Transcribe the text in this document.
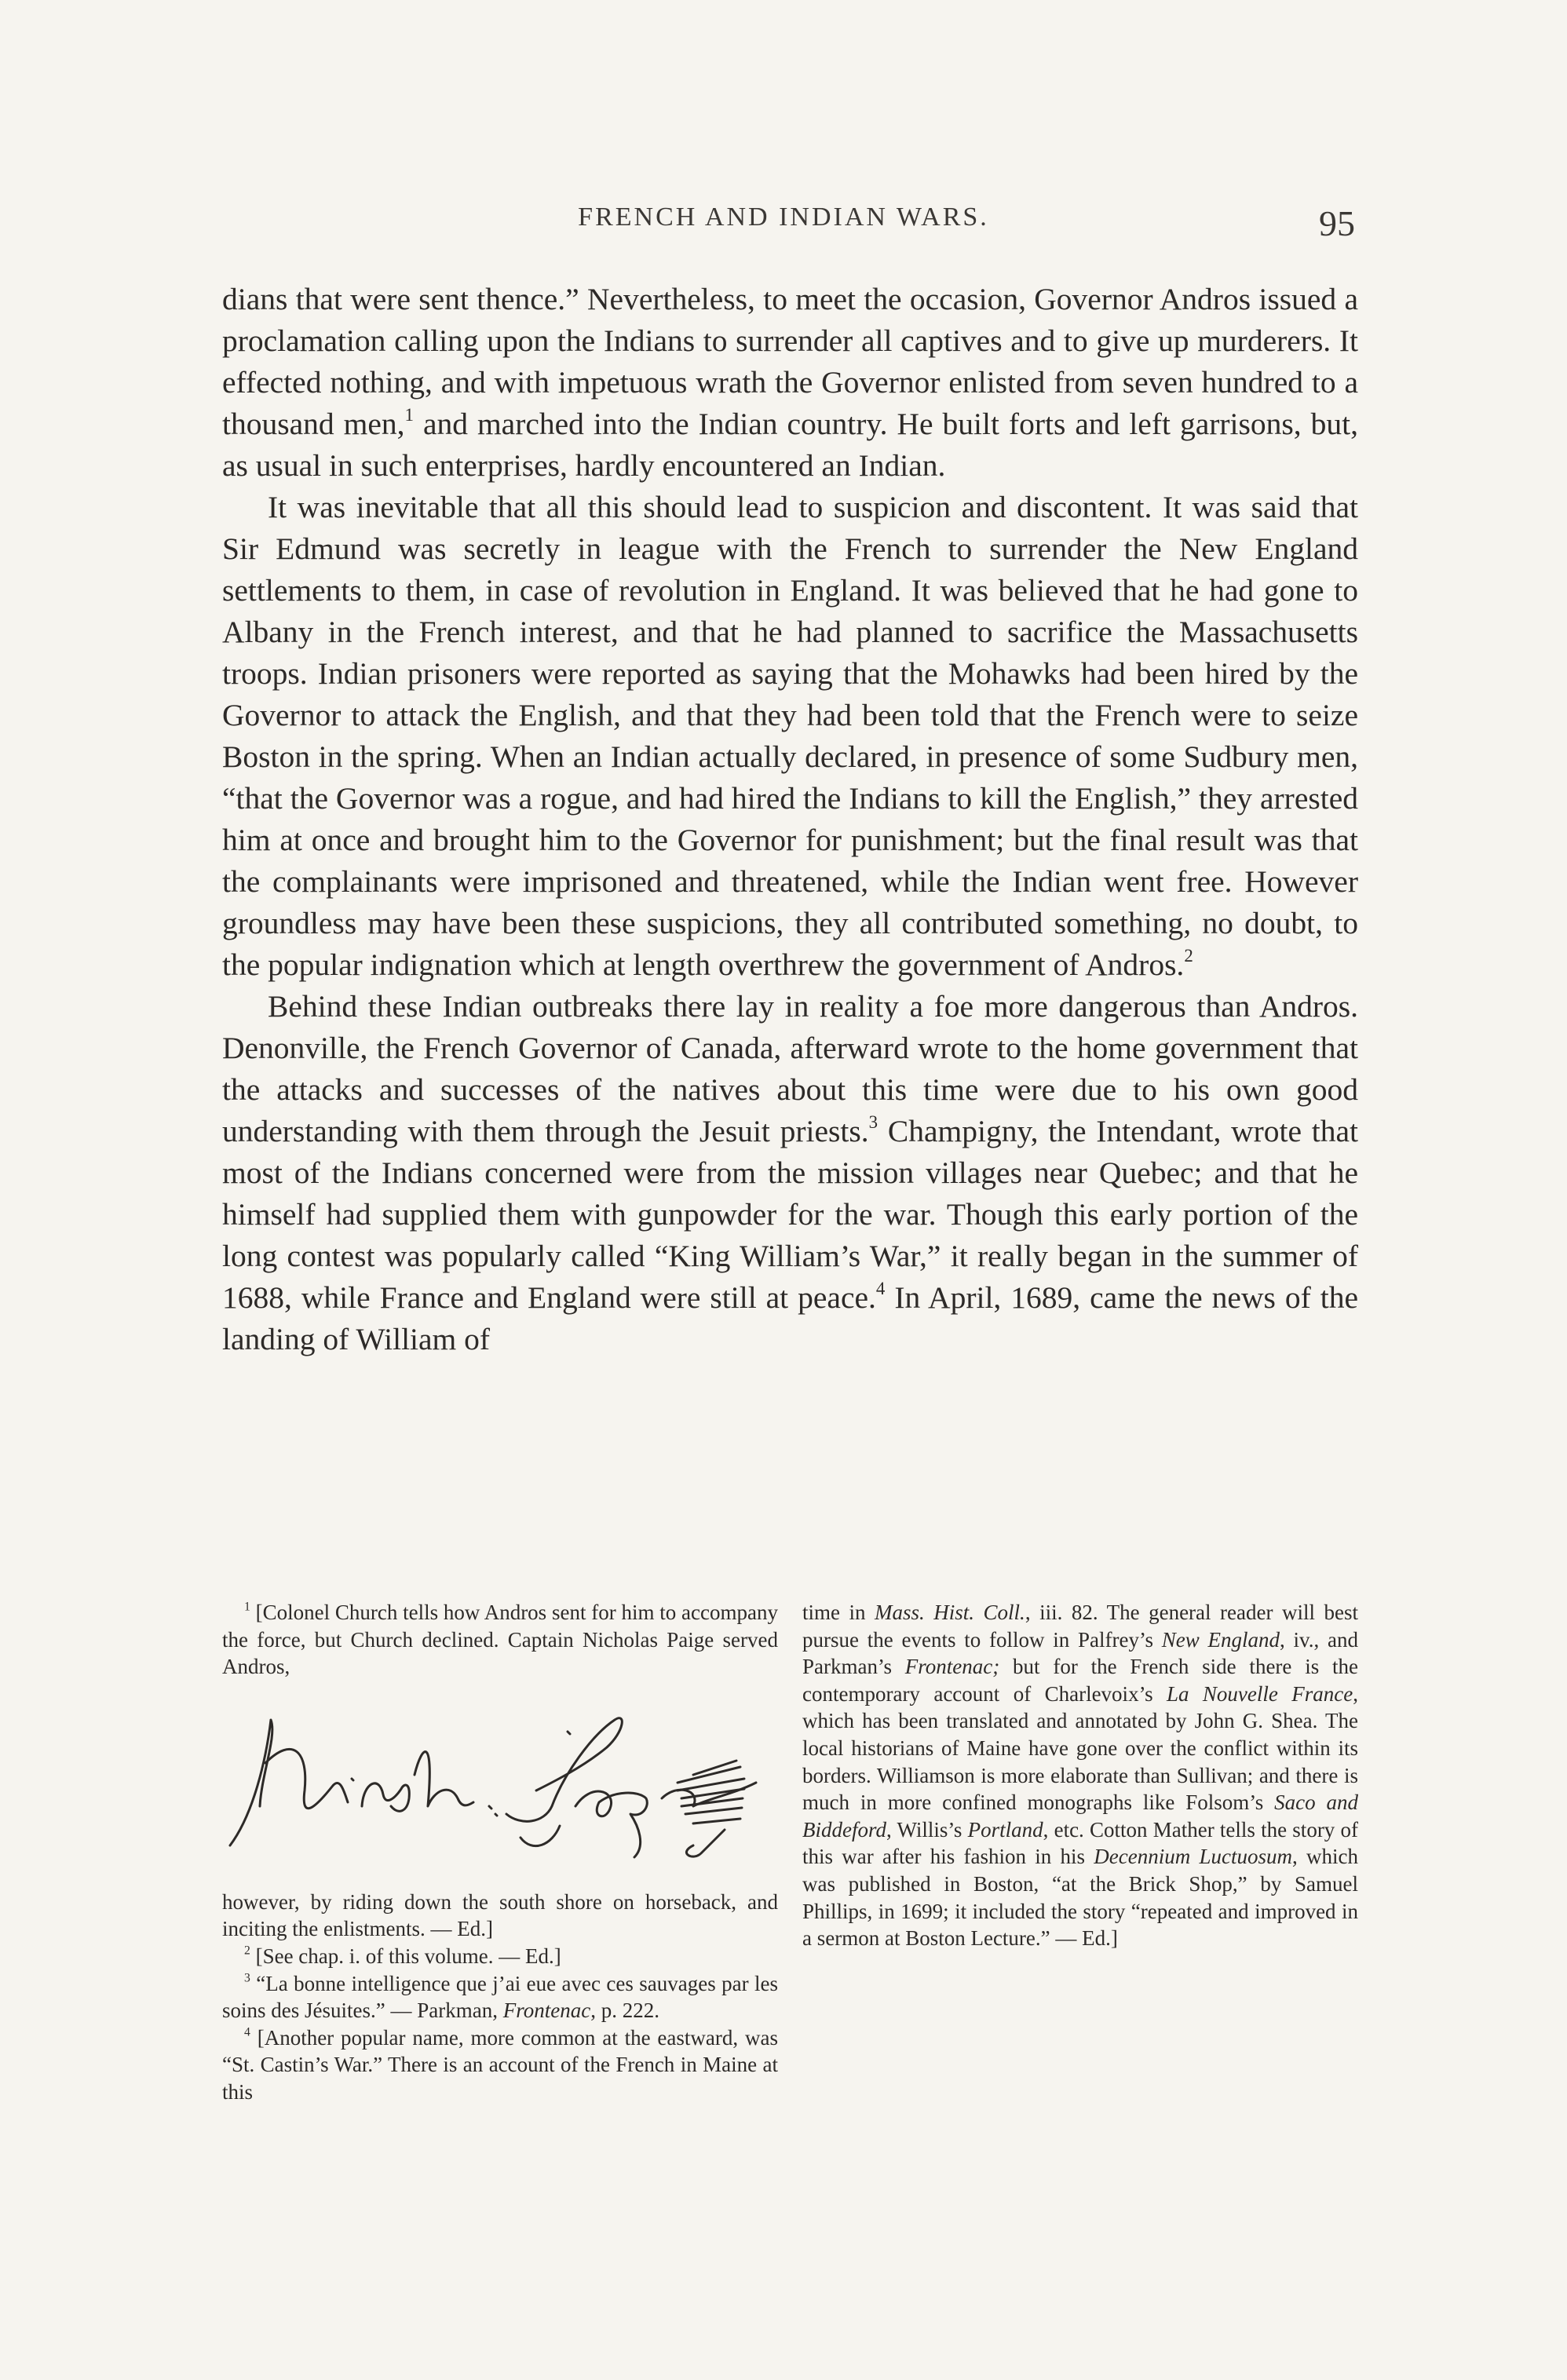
FRENCH AND INDIAN WARS.	95

dians that were sent thence.” Nevertheless, to meet the occasion, Governor Andros issued a proclamation calling upon the Indians to surrender all captives and to give up murderers. It effected nothing, and with impetuous wrath the Governor enlisted from seven hundred to a thousand men,$^1$ and marched into the Indian country. He built forts and left garrisons, but, as usual in such enterprises, hardly encountered an Indian.

It was inevitable that all this should lead to suspicion and discontent. It was said that Sir Edmund was secretly in league with the French to surrender the New England settlements to them, in case of revolution in England. It was believed that he had gone to Albany in the French interest, and that he had planned to sacrifice the Massachusetts troops. Indian prisoners were reported as saying that the Mohawks had been hired by the Governor to attack the English, and that they had been told that the French were to seize Boston in the spring. When an Indian actually declared, in presence of some Sudbury men, “that the Governor was a rogue, and had hired the Indians to kill the English,” they arrested him at once and brought him to the Governor for punishment; but the final result was that the complainants were imprisoned and threatened, while the Indian went free. However groundless may have been these suspicions, they all contributed something, no doubt, to the popular indignation which at length overthrew the government of Andros.$^2$

Behind these Indian outbreaks there lay in reality a foe more dangerous than Andros. Denonville, the French Governor of Canada, afterward wrote to the home government that the attacks and successes of the natives about this time were due to his own good understanding with them through the Jesuit priests.$^3$ Champigny, the Intendant, wrote that most of the Indians concerned were from the mission villages near Quebec; and that he himself had supplied them with gunpowder for the war. Though this early portion of the long contest was popularly called “King William’s War,” it really began in the summer of 1688, while France and England were still at peace.$^4$ In April, 1689, came the news of the landing of William of

$^1$ [Colonel Church tells how Andros sent for him to accompany the force, but Church declined. Captain Nicholas Paige served Andros,

however, by riding down the south shore on horseback, and inciting the enlistments. — Ed.]

$^2$ [See chap. i. of this volume. — Ed.]

$^3$ “La bonne intelligence que j’ai eue avec ces sauvages par les soins des Jésuites.” — Parkman, Frontenac, p. 222.

$^4$ [Another popular name, more common at the eastward, was “St. Castin’s War.” There is an account of the French in Maine at this

time in Mass. Hist. Coll., iii. 82. The general reader will best pursue the events to follow in Palfrey’s New England, iv., and Parkman’s Frontenac; but for the French side there is the contemporary account of Charlevoix’s La Nouvelle France, which has been translated and annotated by John G. Shea. The local historians of Maine have gone over the conflict within its borders. Williamson is more elaborate than Sullivan; and there is much in more confined monographs like Folsom’s Saco and Biddeford, Willis’s Portland, etc. Cotton Mather tells the story of this war after his fashion in his Decennium Luctuosum, which was published in Boston, “at the Brick Shop,” by Samuel Phillips, in 1699; it included the story “repeated and improved in a sermon at Boston Lecture.” — Ed.]
